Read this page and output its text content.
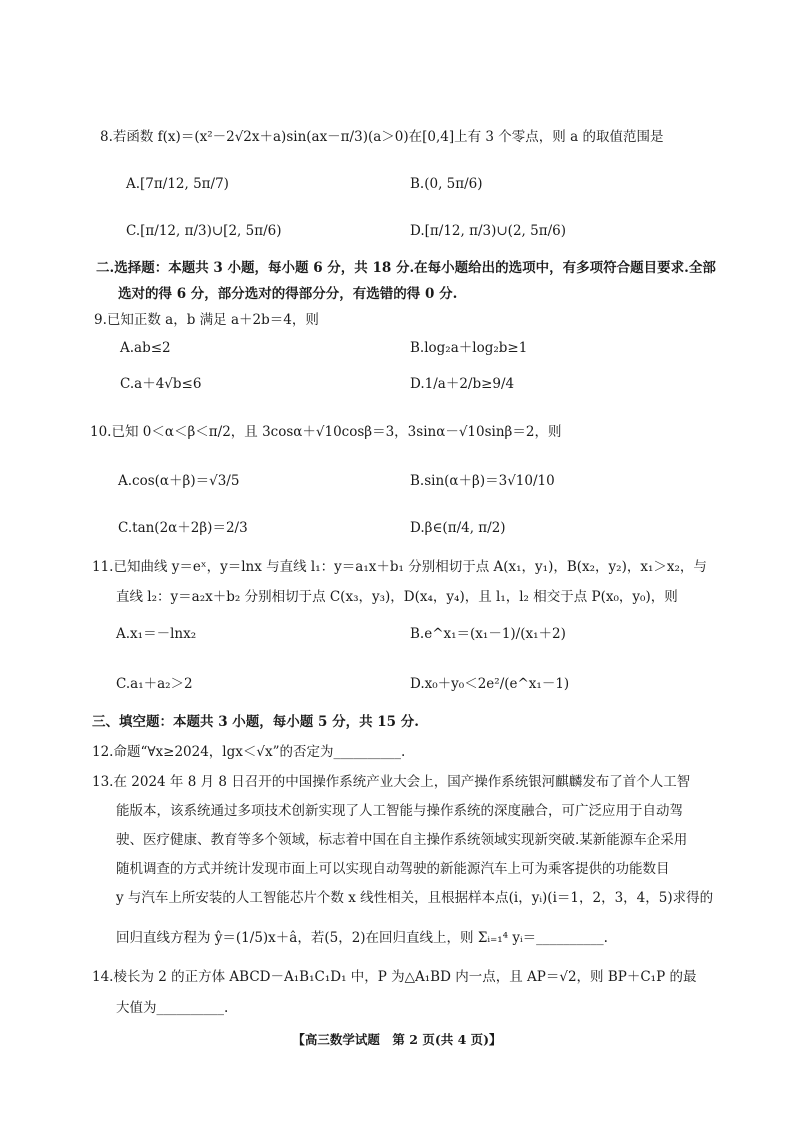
8.若函数 f(x)＝(x²－2√2x＋a)sin(ax－π/3)(a＞0)在[0,4]上有 3 个零点，则 a 的取值范围是
A.[7π/12, 5π/7)	B.(0, 5π/6)
C.[π/12, π/3)∪[2, 5π/6)	D.[π/12, π/3)∪(2, 5π/6)
二.选择题：本题共 3 小题，每小题 6 分，共 18 分.在每小题给出的选项中，有多项符合题目要求.全部
选对的得 6 分，部分选对的得部分分，有选错的得 0 分.
9.已知正数 a，b 满足 a＋2b＝4，则
A.ab≤2	B.log₂a＋log₂b≥1
C.a＋4√b≤6	D.1/a＋2/b≥9/4
10.已知 0＜α＜β＜π/2，且 3cosα＋√10cosβ＝3，3sinα－√10sinβ＝2，则
A.cos(α＋β)＝√3/5	B.sin(α＋β)＝3√10/10
C.tan(2α＋2β)＝2/3	D.β∈(π/4, π/2)
11.已知曲线 y＝eˣ，y＝lnx 与直线 l₁：y＝a₁x＋b₁ 分别相切于点 A(x₁，y₁)，B(x₂，y₂)，x₁＞x₂，与
直线 l₂：y＝a₂x＋b₂ 分别相切于点 C(x₃，y₃)，D(x₄，y₄)，且 l₁，l₂ 相交于点 P(x₀，y₀)，则
A.x₁＝－lnx₂	B.e^x₁＝(x₁－1)/(x₁＋2)
C.a₁＋a₂＞2	D.x₀＋y₀＜2e²/(e^x₁－1)
三、填空题：本题共 3 小题，每小题 5 分，共 15 分.
12.命题“∀x≥2024，lgx＜√x”的否定为__________.
13.在 2024 年 8 月 8 日召开的中国操作系统产业大会上，国产操作系统银河麒麟发布了首个人工智
能版本，该系统通过多项技术创新实现了人工智能与操作系统的深度融合，可广泛应用于自动驾
驶、医疗健康、教育等多个领域，标志着中国在自主操作系统领域实现新突破.某新能源车企采用
随机调查的方式并统计发现市面上可以实现自动驾驶的新能源汽车上可为乘客提供的功能数目
y 与汽车上所安装的人工智能芯片个数 x 线性相关，且根据样本点(i，yᵢ)(i＝1，2，3，4，5)求得的
回归直线方程为 ŷ＝(1/5)x＋â，若(5，2)在回归直线上，则 Σᵢ₌₁⁴ yᵢ＝__________.
14.棱长为 2 的正方体 ABCD－A₁B₁C₁D₁ 中，P 为△A₁BD 内一点，且 AP＝√2，则 BP＋C₁P 的最
大值为__________.
【高三数学试题　第 2 页(共 4 页)】
